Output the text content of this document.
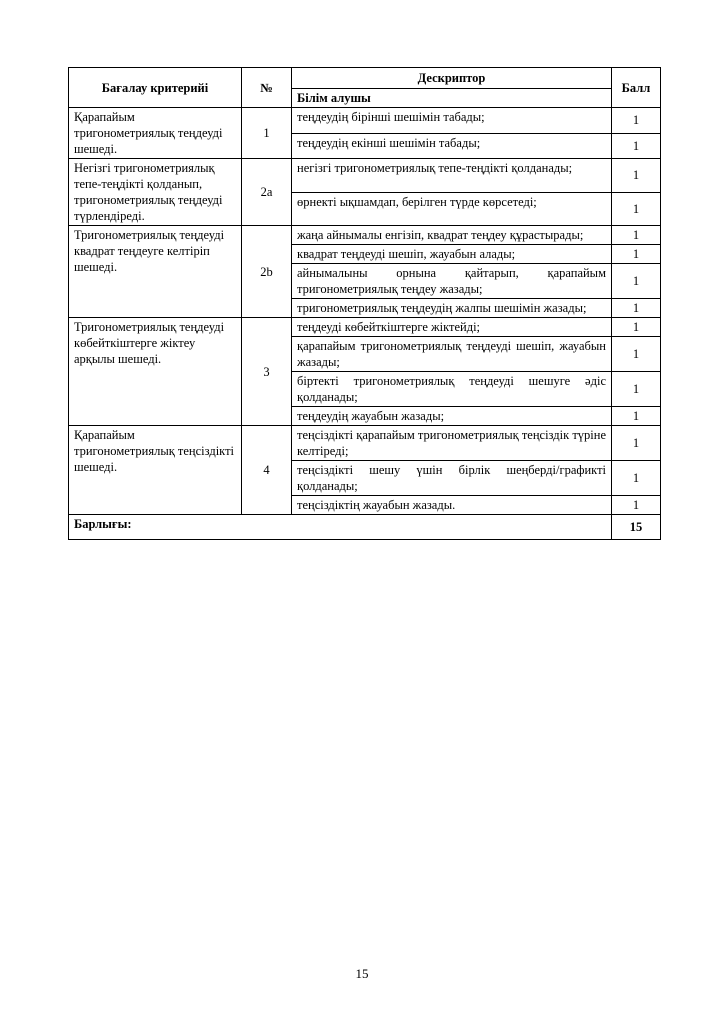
Бағалау критерийі	№	Дескриптор	Балл
		Білім алушы	
Қарапайым тригонометриялық теңдеуді шешеді.	1	теңдеудің бірінші шешімін табады;	1
		теңдеудің екінші шешімін табады;	1
Негізгі тригонометриялық тепе-теңдікті қолданып, тригонометриялық теңдеуді түрлендіреді.	2a	негізгі тригонометриялық тепе-теңдікті қолданады;	1
		өрнекті ықшамдап, берілген түрде көрсетеді;	1
Тригонометриялық теңдеуді квадрат теңдеуге келтіріп шешеді.	2b	жаңа айнымалы енгізіп, квадрат теңдеу құрастырады;	1
		квадрат теңдеуді шешіп, жауабын алады;	1
		айнымалыны орнына қайтарып, қарапайым тригонометриялық теңдеу жазады;	1
		тригонометриялық теңдеудің жалпы шешімін жазады;	1
Тригонометриялық теңдеуді көбейткіштерге жіктеу арқылы шешеді.	3	теңдеуді көбейткіштерге жіктейді;	1
		қарапайым тригонометриялық теңдеуді шешіп, жауабын жазады;	1
		біртекті тригонометриялық теңдеуді шешуге әдіс қолданады;	1
		теңдеудің жауабын жазады;	1
Қарапайым тригонометриялық теңсіздікті шешеді.	4	теңсіздікті қарапайым тригонометриялық теңсіздік түріне келтіреді;	1
		теңсіздікті шешу үшін бірлік шеңберді/графикті қолданады;	1
		теңсіздіктің жауабын жазады.	1
Барлығы:			15
15
